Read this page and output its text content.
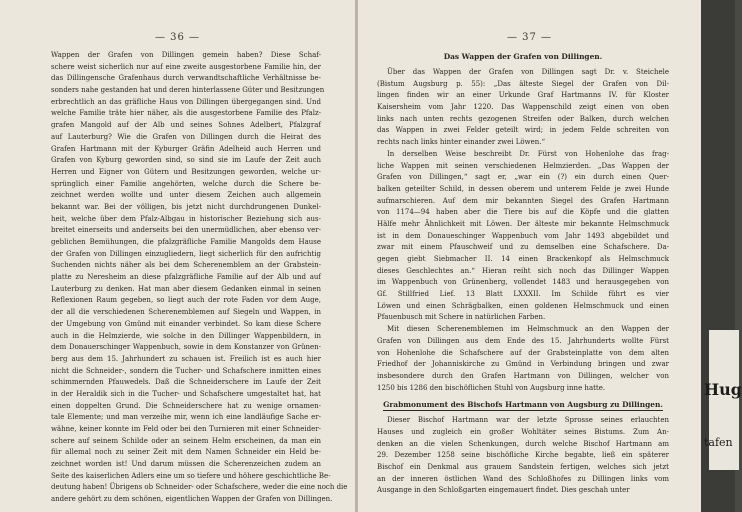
— 36 —
Wappen der Grafen von Dillingen gemein haben? Diese Schaf-
schere weist sicherlich nur auf eine zweite ausgestorbene Familie hin, der
das Dillingensche Grafenhaus durch verwandtschaftliche Verhältnisse be-
sonders nahe gestanden hat und deren hinterlassene Güter und Besitzungen
erbrechtlich an das gräfliche Haus von Dillingen übergegangen sind. Und
welche Familie träte hier näher, als die ausgestorbene Familie des Pfalz-
grafen Mangold auf der Alb und seines Sohnes Adelbert, Pfalzgraf
auf Lauterburg? Wie die Grafen von Dillingen durch die Heirat des
Grafen Hartmann mit der Kyburger Gräfin Adelheid auch Herren und
Grafen von Kyburg geworden sind, so sind sie im Laufe der Zeit auch
Herren und Eigner von Gütern und Besitzungen geworden, welche ur-
sprünglich einer Familie angehörten, welche durch die Schere be-
zeichnet werden wollte und unter diesem Zeichen auch allgemein
bekannt war. Bei der völligen, bis jetzt nicht durchdrungenen Dunkel-
heit, welche über dem Pfalz-Albgau in historischer Beziehung sich aus-
breitet einerseits und anderseits bei den unermüdlichen, aber ebenso ver-
geblichen Bemühungen, die pfalzgräfliche Familie Mangolds dem Hause
der Grafen von Dillingen einzugliedern, liegt sicherlich für den aufrichtig
Suchenden nichts näher als bei dem Scherenemblem an der Grabstein-
platte zu Neresheim an diese pfalzgräfliche Familie auf der Alb und auf
Lauterburg zu denken. Hat man aber diesem Gedanken einmal in seinen
Reflexionen Raum gegeben, so liegt auch der rote Faden vor dem Auge,
der all die verschiedenen Scherenemblemen auf Siegeln und Wappen, in
der Umgebung von Gmünd mit einander verbindet. So kam diese Schere
auch in die Helmzierde, wie solche in den Dillinger Wappenbildern, in
dem Donauerschinger Wappenbuch, sowie in dem Konstanzer von Grünen-
berg aus dem 15. Jahrhundert zu schauen ist. Freilich ist es auch hier
nicht die Schneider-, sondern die Tucher- und Schafschere inmitten eines
schimmernden Pfauwedels. Daß die Schneiderschere im Laufe der Zeit
in der Heraldik sich in die Tucher- und Schafschere umgestaltet hat, hat
einen doppelten Grund. Die Schneiderschere hat zu wenige ornamen-
tale Elemente; und man verzeihe mir, wenn ich eine landläufige Sache er-
wähne, keiner konnte im Feld oder bei den Turnieren mit einer Schneider-
schere auf seinem Schilde oder an seinem Helm erscheinen, da man ein
für allemal noch zu seiner Zeit mit dem Namen Schneider ein Held be-
zeichnet worden ist! Und darum müssen die Scherenzeichen zudem an
Seite des kaiserlichen Adlers eine um so tiefere und höhere geschichtliche Be-
deutung haben! Übrigens ob Schneider- oder Schafschere, weder die eine noch die
andere gehört zu dem schönen, eigentlichen Wappen der Grafen von Dillingen.
— 37 —
Das Wappen der Grafen von Dillingen.
Über das Wappen der Grafen von Dillingen sagt Dr. v. Steichele
(Bistum Augsburg p. 55): „Das älteste Siegel der Grafen von Dil-
lingen finden wir an einer Urkunde Graf Hartmanns IV. für Kloster
Kaisersheim vom Jahr 1220. Das Wappenschild zeigt einen von oben
links nach unten rechts gezogenen Streifen oder Balken, durch welchen
das Wappen in zwei Felder geteilt wird; in jedem Felde schreiten von
rechts nach links hinter einander zwei Löwen.“
In derselben Weise beschreibt Dr. Fürst von Hohenlohe das frag-
liche Wappen mit seinen verschiedenen Helmzierden. „Das Wappen der
Grafen von Dillingen,“ sagt er, „war ein (?) ein durch einen Quer-
balken geteilter Schild, in dessen oberem und unterem Felde je zwei Hunde
aufmarschieren. Auf dem mir bekannten Siegel des Grafen Hartmann
von 1174—94 haben aber die Tiere bis auf die Köpfe und die glatten
Hälfe mehr Ähnlichkeit mit Löwen. Der älteste mir bekannte Helmschmuck
ist in dem Donaueschinger Wappenbuch vom Jahr 1493 abgebildet und
zwar mit einem Pfauschweif und zu demselben eine Schafschere. Da-
gegen giebt Siebmacher II. 14 einen Brackenkopf als Helmschmuck
dieses Geschlechtes an.“ Hieran reiht sich noch das Dillinger Wappen
im Wappenbuch von Grünenberg, vollendet 1483 und herausgegeben von
Gf. Stillfried Lief. 13 Blatt LXXXII. Im Schilde führt es vier
Löwen und einen Schrägbalken, einen goldenen Helmschmuck und einen
Pfauenbusch mit Schere in natürlichen Farben.
Mit diesen Scherenemblemen im Helmschmuck an den Wappen der
Grafen von Dillingen aus dem Ende des 15. Jahrhunderts wollte Fürst
von Hohenlohe die Schafschere auf der Grabsteinplatte von dem alten
Friedhof der Johanniskirche zu Gmünd in Verbindung bringen und zwar
insbesondere durch den Grafen Hartmann von Dillingen, welcher von
1250 bis 1286 den bischöflichen Stuhl von Augsburg inne hatte.
Grabmonument des Bischofs Hartmann von Augsburg zu Dillingen.
Dieser Bischof Hartmann war der letzte Sprosse seines erlauchten
Hauses und zugleich ein großer Wohltäter seines Bistums. Zum An-
denken an die vielen Schenkungen, durch welche Bischof Hartmann am
29. Dezember 1258 seine bischöfliche Kirche begabte, ließ ein späterer
Bischof ein Denkmal aus grauem Sandstein fertigen, welches sich jetzt
an der inneren östlichen Wand des Schloßhofes zu Dillingen links vom
Ausgange in den Schloßgarten eingemauert findet. Dies geschah unter
Hug
tafen
